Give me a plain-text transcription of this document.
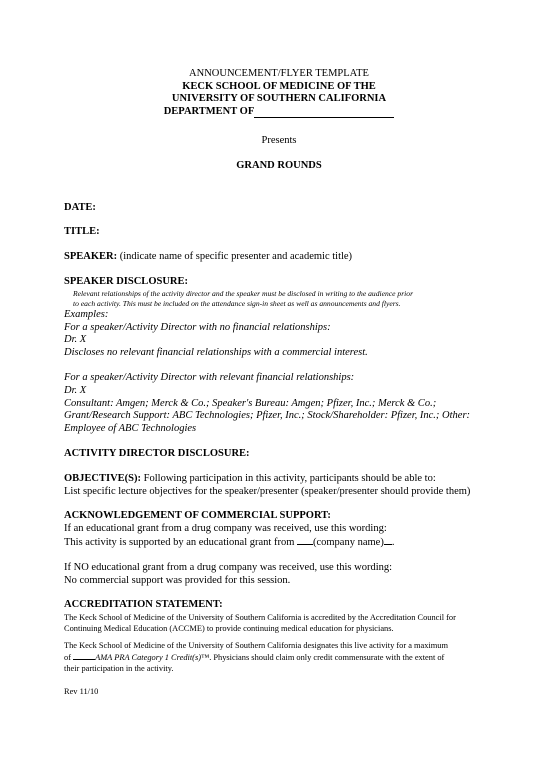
ANNOUNCEMENT/FLYER TEMPLATE
KECK SCHOOL OF MEDICINE OF THE
UNIVERSITY OF SOUTHERN CALIFORNIA
DEPARTMENT OF
Presents
GRAND ROUNDS
DATE:
TITLE:
SPEAKER: (indicate name of specific presenter and academic title)
SPEAKER DISCLOSURE:
Relevant relationships of the activity director and the speaker must be disclosed in writing to the audience prior
to each activity. This must be included on the attendance sign-in sheet as well as announcements and flyers.
Examples:
For a speaker/Activity Director with no financial relationships:
Dr. X
Discloses no relevant financial relationships with a commercial interest.
For a speaker/Activity Director with relevant financial relationships:
Dr. X
Consultant: Amgen; Merck & Co.; Speaker's Bureau: Amgen; Pfizer, Inc.; Merck & Co.;
Grant/Research Support: ABC Technologies; Pfizer, Inc.; Stock/Shareholder: Pfizer, Inc.; Other:
Employee of ABC Technologies
ACTIVITY DIRECTOR DISCLOSURE:
OBJECTIVE(S): Following participation in this activity, participants should be able to:
List specific lecture objectives for the speaker/presenter (speaker/presenter should provide them)
ACKNOWLEDGEMENT OF COMMERCIAL SUPPORT:
If an educational grant from a drug company was received, use this wording:
This activity is supported by an educational grant from (company name) .
If NO educational grant from a drug company was received, use this wording:
No commercial support was provided for this session.
ACCREDITATION STATEMENT:
The Keck School of Medicine of the University of Southern California is accredited by the Accreditation Council for
Continuing Medical Education (ACCME) to provide continuing medical education for physicians.
The Keck School of Medicine of the University of Southern California designates this live activity for a maximum
of	AMA PRA Category 1 Credit(s)™. Physicians should claim only credit commensurate with the extent of
their participation in the activity.
Rev 11/10
